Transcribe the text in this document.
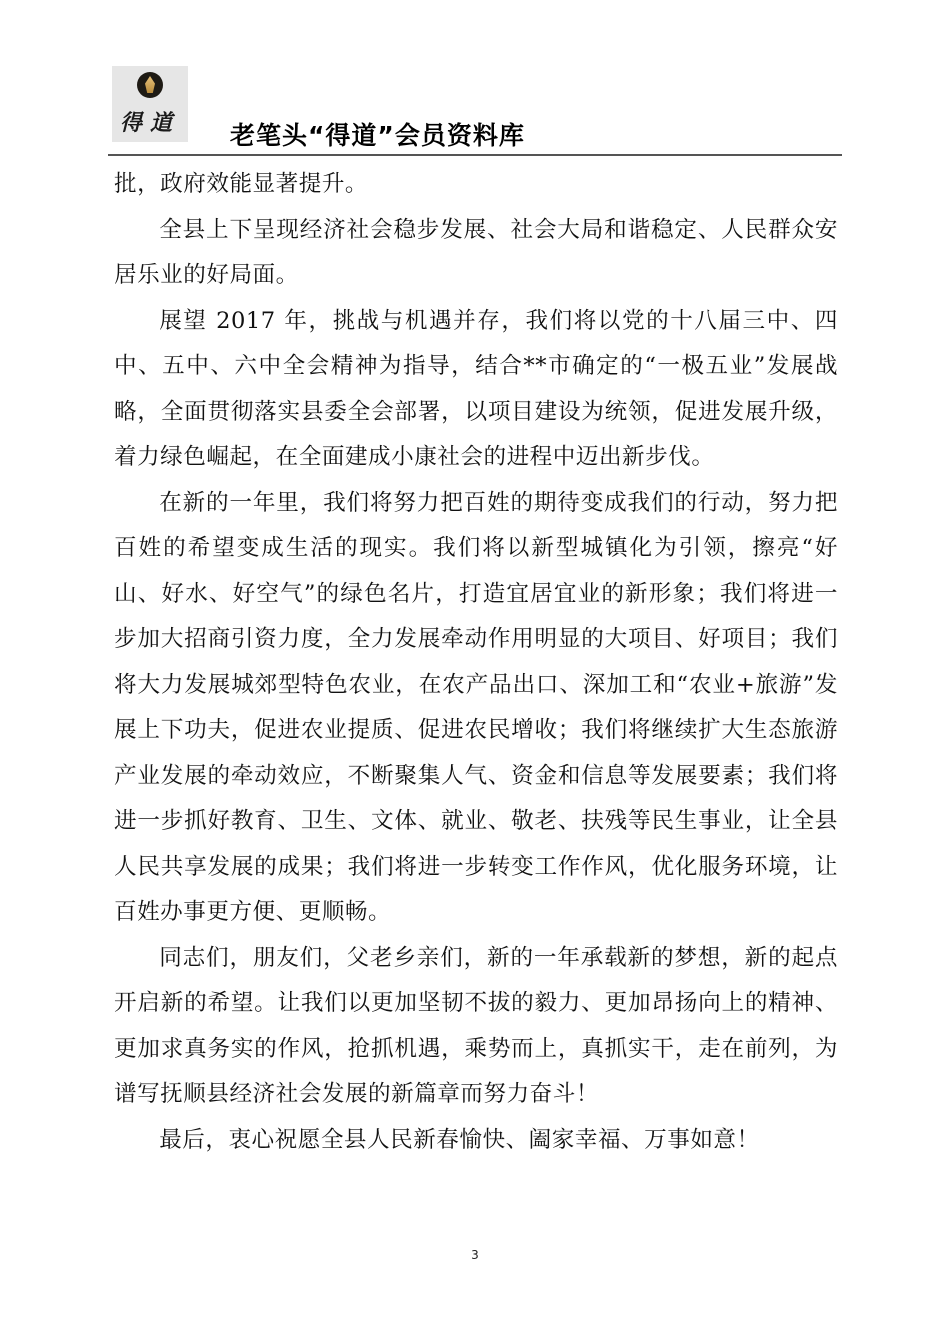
得道	老笔头“得道”会员资料库

批，政府效能显著提升。

全县上下呈现经济社会稳步发展、社会大局和谐稳定、人民群众安居乐业的好局面。

展望 2017 年，挑战与机遇并存，我们将以党的十八届三中、四中、五中、六中全会精神为指导，结合**市确定的“一极五业”发展战略，全面贯彻落实县委全会部署，以项目建设为统领，促进发展升级，着力绿色崛起，在全面建成小康社会的进程中迈出新步伐。

在新的一年里，我们将努力把百姓的期待变成我们的行动，努力把百姓的希望变成生活的现实。我们将以新型城镇化为引领，擦亮“好山、好水、好空气”的绿色名片，打造宜居宜业的新形象；我们将进一步加大招商引资力度，全力发展牵动作用明显的大项目、好项目；我们将大力发展城郊型特色农业，在农产品出口、深加工和“农业+旅游”发展上下功夫，促进农业提质、促进农民增收；我们将继续扩大生态旅游产业发展的牵动效应，不断聚集人气、资金和信息等发展要素；我们将进一步抓好教育、卫生、文体、就业、敬老、扶残等民生事业，让全县人民共享发展的成果；我们将进一步转变工作作风，优化服务环境，让百姓办事更方便、更顺畅。

同志们，朋友们，父老乡亲们，新的一年承载新的梦想，新的起点开启新的希望。让我们以更加坚韧不拔的毅力、更加昂扬向上的精神、更加求真务实的作风，抢抓机遇，乘势而上，真抓实干，走在前列，为谱写抚顺县经济社会发展的新篇章而努力奋斗！

最后，衷心祝愿全县人民新春愉快、阖家幸福、万事如意！

3
